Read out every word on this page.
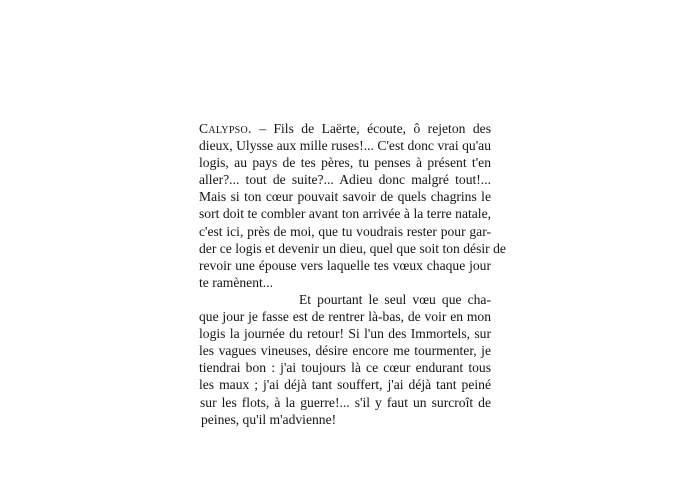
Calypso. – Fils de Laërte, écoute, ô rejeton des
dieux, Ulysse aux mille ruses!... C'est donc vrai qu'au
logis, au pays de tes pères, tu penses à présent t'en
aller?... tout de suite?... Adieu donc malgré tout!...
Mais si ton cœur pouvait savoir de quels chagrins le
sort doit te combler avant ton arrivée à la terre natale,
c'est ici, près de moi, que tu voudrais rester pour gar-
der ce logis et devenir un dieu, quel que soit ton désir de
revoir une épouse vers laquelle tes vœux chaque jour
te ramènent...
Et pourtant le seul vœu que cha-
que jour je fasse est de rentrer là-bas, de voir en mon
logis la journée du retour! Si l'un des Immortels, sur
les vagues vineuses, désire encore me tourmenter, je
tiendrai bon : j'ai toujours là ce cœur endurant tous
les maux ; j'ai déjà tant souffert, j'ai déjà tant peiné
sur les flots, à la guerre!... s'il y faut un surcroît de
peines, qu'il m'advienne!
